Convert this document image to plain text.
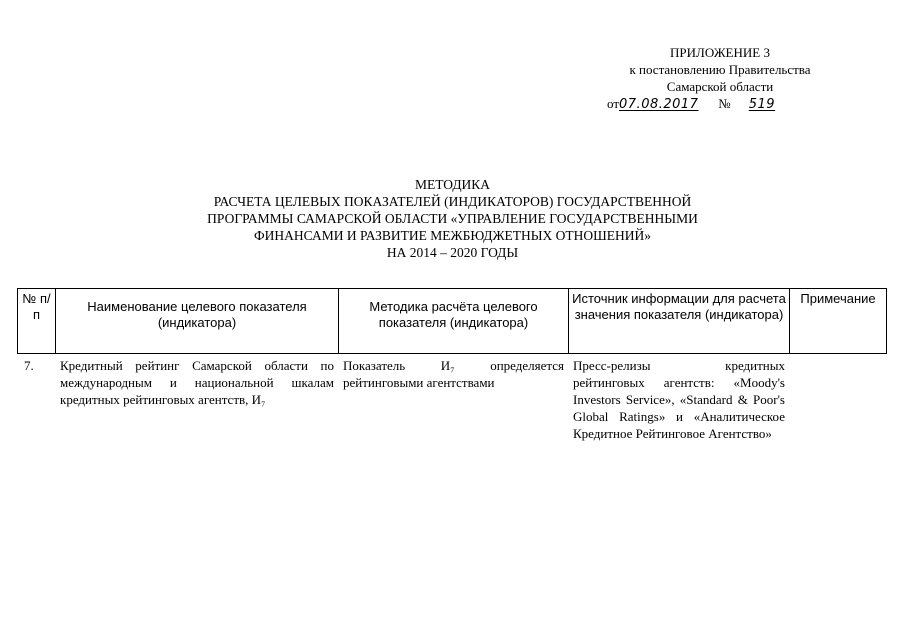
ПРИЛОЖЕНИЕ 3
к постановлению Правительства
Самарской области
от07.08.2017 № 519
МЕТОДИКА
РАСЧЕТА ЦЕЛЕВЫХ ПОКАЗАТЕЛЕЙ (ИНДИКАТОРОВ) ГОСУДАРСТВЕННОЙ
ПРОГРАММЫ САМАРСКОЙ ОБЛАСТИ «УПРАВЛЕНИЕ ГОСУДАРСТВЕННЫМИ
ФИНАНСАМИ И РАЗВИТИЕ МЕЖБЮДЖЕТНЫХ ОТНОШЕНИЙ»
НА 2014 – 2020 ГОДЫ
№ п/п	Наименование целевого показателя (индикатора)	Методика расчёта целевого показателя (индикатора)	Источник информации для расчета значения показателя (индикатора)	Примечание
7.	Кредитный рейтинг Самарской области по международным и национальной шкалам кредитных рейтинговых агентств, И₇	Показатель И₇ определяется рейтинговыми агентствами	Пресс-релизы кредитных рейтинговых агентств: «Moody's Investors Service», «Standard & Poor's Global Ratings» и «Аналитическое Кредитное Рейтинговое Агентство»	
